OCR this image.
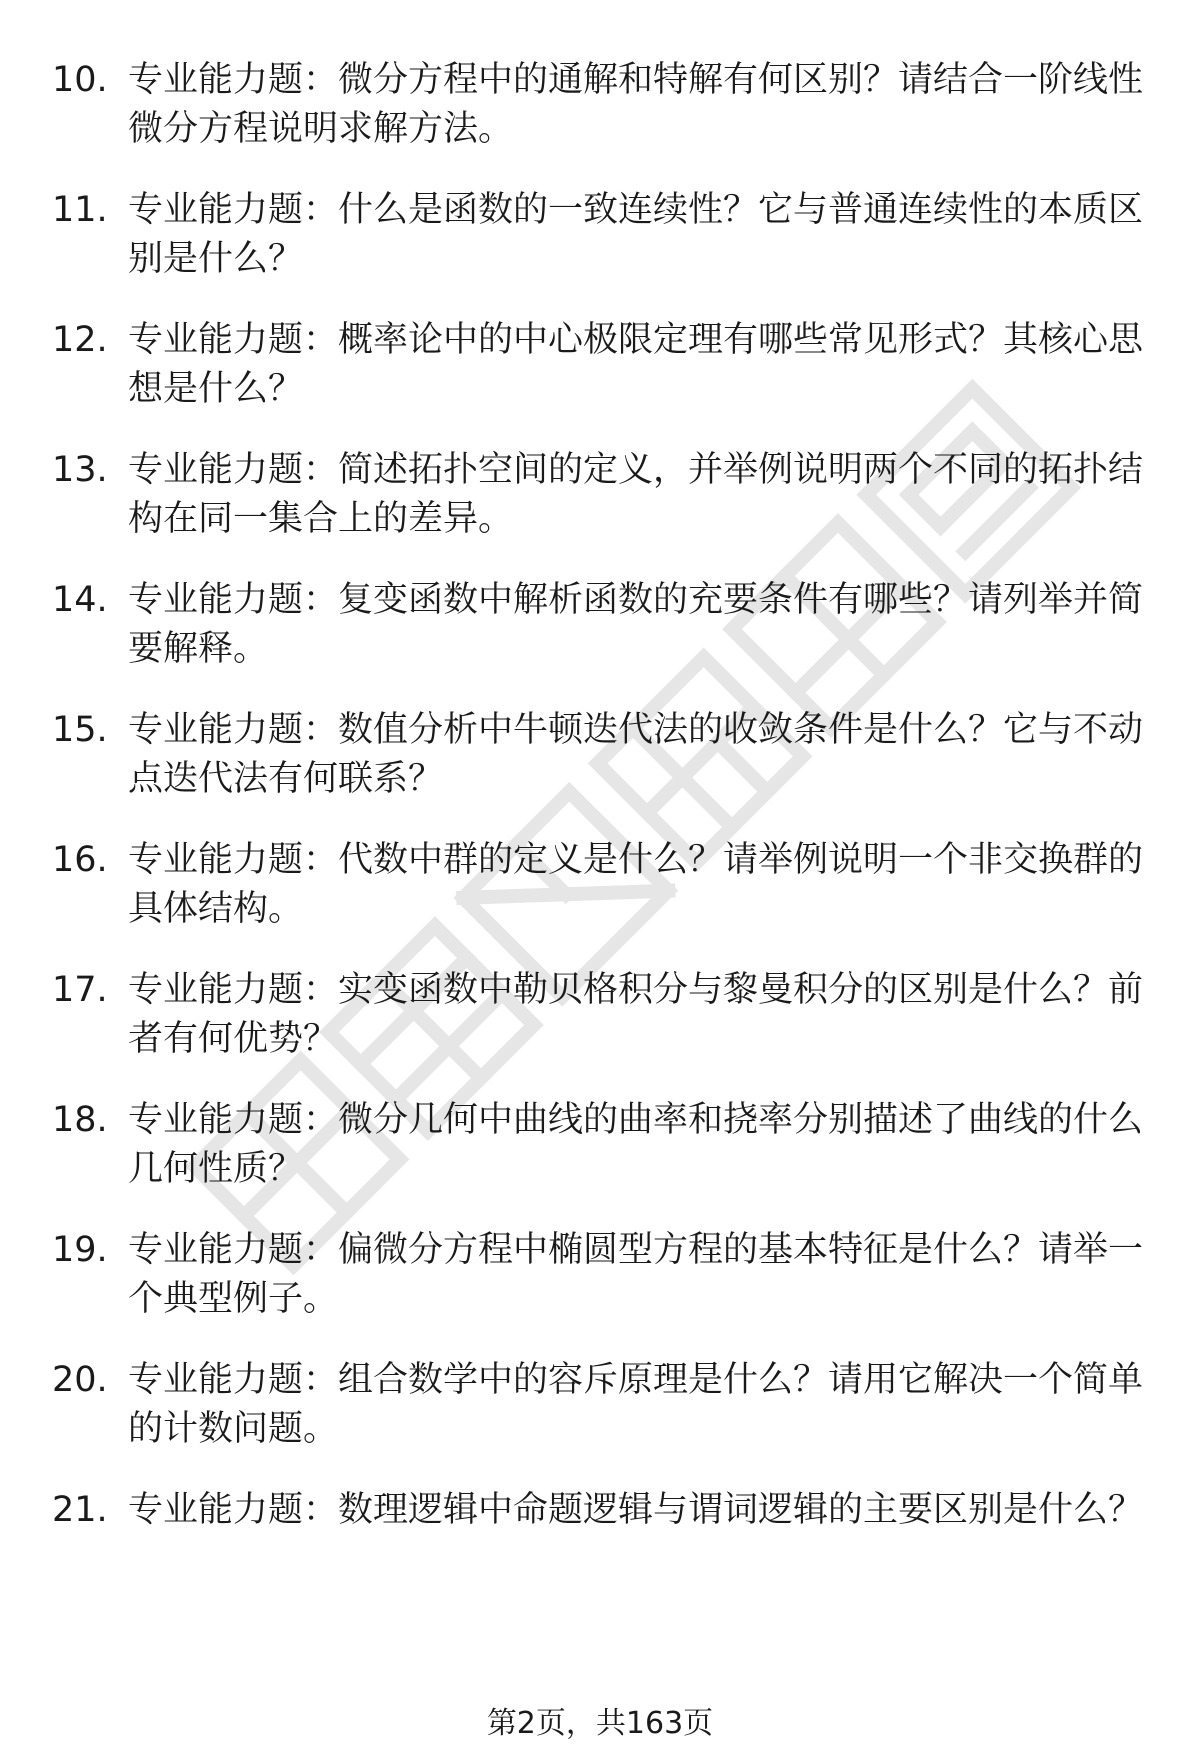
10. 专业能力题：微分方程中的通解和特解有何区别？请结合一阶线性微分方程说明求解方法。
11. 专业能力题：什么是函数的一致连续性？它与普通连续性的本质区别是什么？
12. 专业能力题：概率论中的中心极限定理有哪些常见形式？其核心思想是什么？
13. 专业能力题：简述拓扑空间的定义，并举例说明两个不同的拓扑结构在同一集合上的差异。
14. 专业能力题：复变函数中解析函数的充要条件有哪些？请列举并简要解释。
15. 专业能力题：数值分析中牛顿迭代法的收敛条件是什么？它与不动点迭代法有何联系？
16. 专业能力题：代数中群的定义是什么？请举例说明一个非交换群的具体结构。
17. 专业能力题：实变函数中勒贝格积分与黎曼积分的区别是什么？前者有何优势？
18. 专业能力题：微分几何中曲线的曲率和挠率分别描述了曲线的什么几何性质？
19. 专业能力题：偏微分方程中椭圆型方程的基本特征是什么？请举一个典型例子。
20. 专业能力题：组合数学中的容斥原理是什么？请用它解决一个简单的计数问题。
21. 专业能力题：数理逻辑中命题逻辑与谓词逻辑的主要区别是什么？
第2页，共163页
